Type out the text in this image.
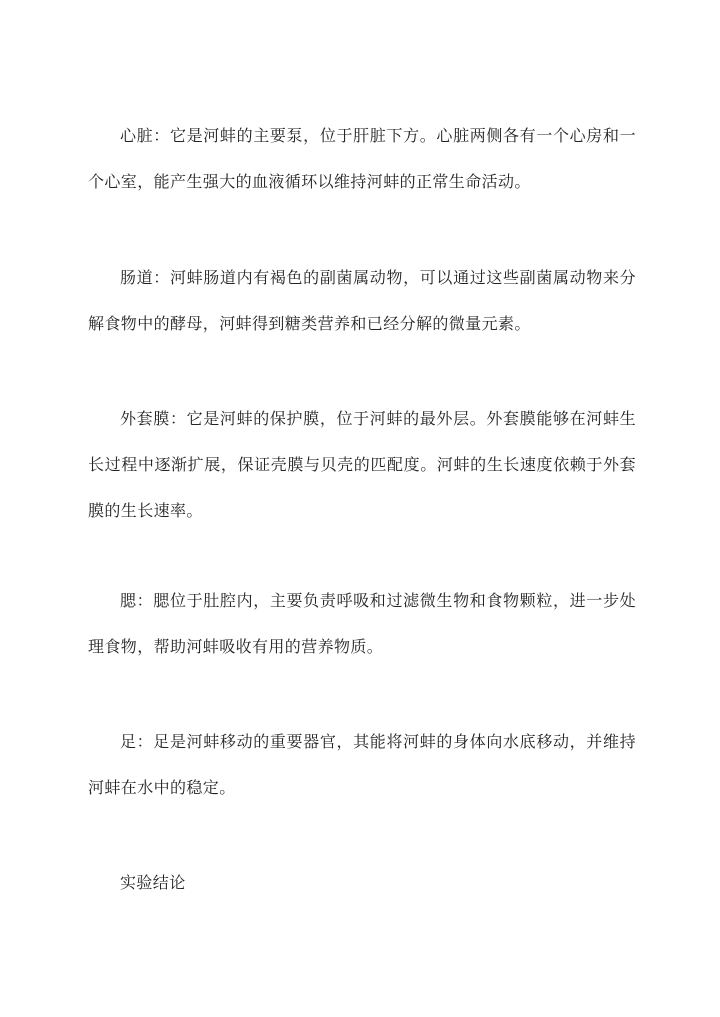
心脏：它是河蚌的主要泵，位于肝脏下方。心脏两侧各有一个心房和一个心室，能产生强大的血液循环以维持河蚌的正常生命活动。

肠道：河蚌肠道内有褐色的副菌属动物，可以通过这些副菌属动物来分解食物中的酵母，河蚌得到糖类营养和已经分解的微量元素。

外套膜：它是河蚌的保护膜，位于河蚌的最外层。外套膜能够在河蚌生长过程中逐渐扩展，保证壳膜与贝壳的匹配度。河蚌的生长速度依赖于外套膜的生长速率。

腮：腮位于肚腔内，主要负责呼吸和过滤微生物和食物颗粒，进一步处理食物，帮助河蚌吸收有用的营养物质。

足：足是河蚌移动的重要器官，其能将河蚌的身体向水底移动，并维持河蚌在水中的稳定。

实验结论
